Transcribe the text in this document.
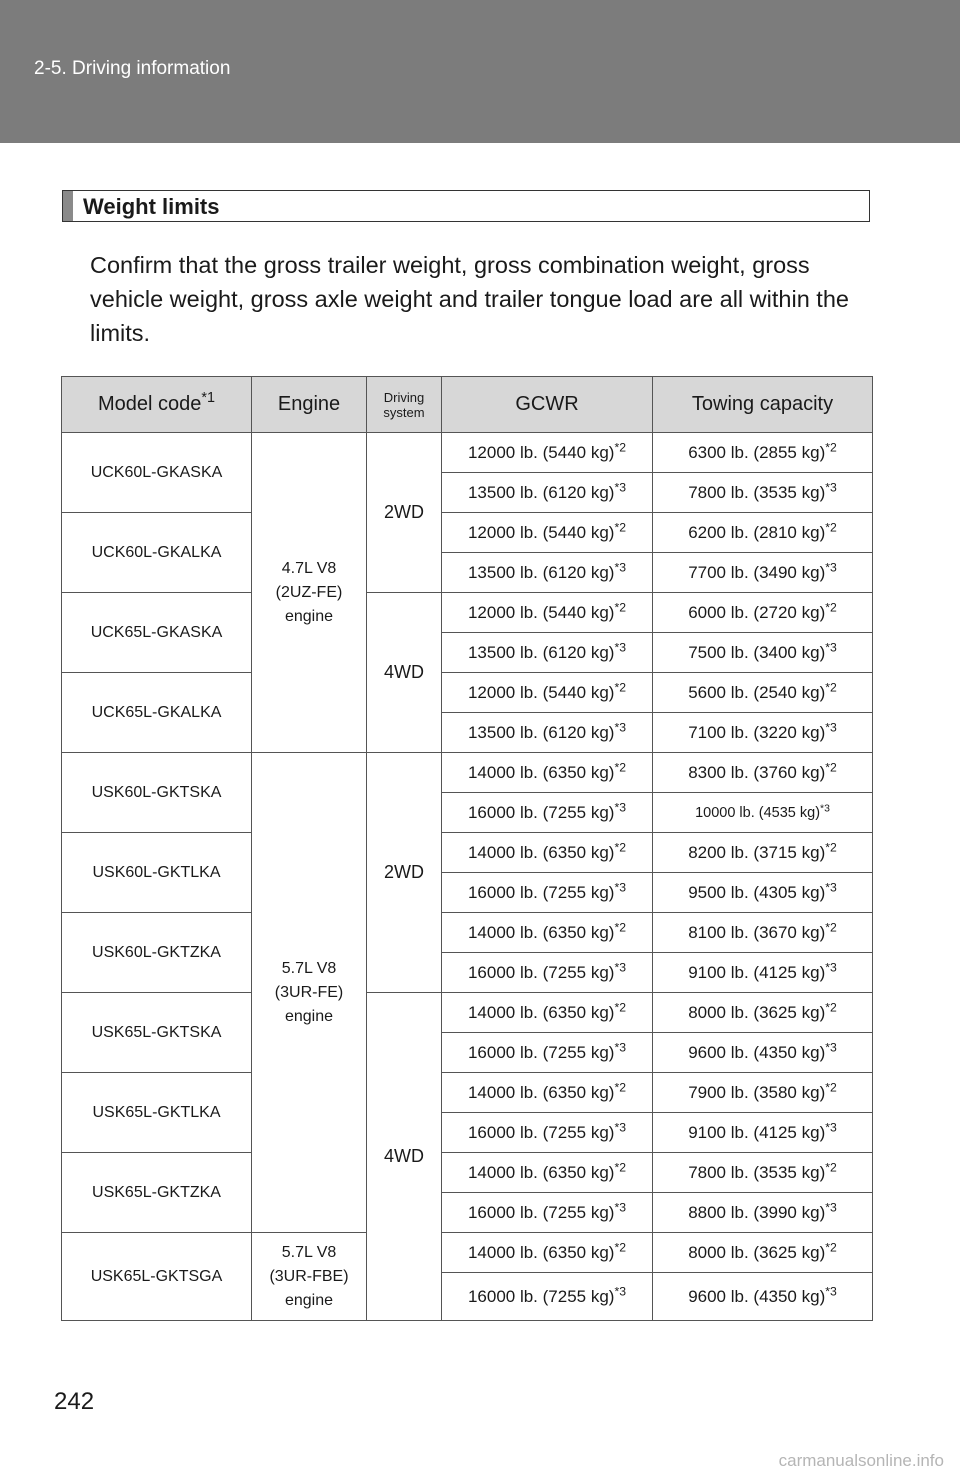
2-5. Driving information
Weight limits
Confirm that the gross trailer weight, gross combination weight, gross vehicle weight, gross axle weight and trailer tongue load are all within the limits.
Model code$^{*1}$	Engine	Driving system	GCWR	Towing capacity
UCK60L-GKASKA	4.7L V8
(2UZ-FE)
engine	2WD	12000 lb. (5440 kg)$^{*2}$	6300 lb. (2855 kg)$^{*2}$
			13500 lb. (6120 kg)$^{*3}$	7800 lb. (3535 kg)$^{*3}$
UCK60L-GKALKA			12000 lb. (5440 kg)$^{*2}$	6200 lb. (2810 kg)$^{*2}$
			13500 lb. (6120 kg)$^{*3}$	7700 lb. (3490 kg)$^{*3}$
UCK65L-GKASKA		4WD	12000 lb. (5440 kg)$^{*2}$	6000 lb. (2720 kg)$^{*2}$
			13500 lb. (6120 kg)$^{*3}$	7500 lb. (3400 kg)$^{*3}$
UCK65L-GKALKA			12000 lb. (5440 kg)$^{*2}$	5600 lb. (2540 kg)$^{*2}$
			13500 lb. (6120 kg)$^{*3}$	7100 lb. (3220 kg)$^{*3}$
USK60L-GKTSKA	5.7L V8
(3UR-FE)
engine	2WD	14000 lb. (6350 kg)$^{*2}$	8300 lb. (3760 kg)$^{*2}$
			16000 lb. (7255 kg)$^{*3}$	10000 lb. (4535 kg)$^{*3}$
USK60L-GKTLKA			14000 lb. (6350 kg)$^{*2}$	8200 lb. (3715 kg)$^{*2}$
			16000 lb. (7255 kg)$^{*3}$	9500 lb. (4305 kg)$^{*3}$
USK60L-GKTZKA			14000 lb. (6350 kg)$^{*2}$	8100 lb. (3670 kg)$^{*2}$
			16000 lb. (7255 kg)$^{*3}$	9100 lb. (4125 kg)$^{*3}$
USK65L-GKTSKA		4WD	14000 lb. (6350 kg)$^{*2}$	8000 lb. (3625 kg)$^{*2}$
			16000 lb. (7255 kg)$^{*3}$	9600 lb. (4350 kg)$^{*3}$
USK65L-GKTLKA			14000 lb. (6350 kg)$^{*2}$	7900 lb. (3580 kg)$^{*2}$
			16000 lb. (7255 kg)$^{*3}$	9100 lb. (4125 kg)$^{*3}$
USK65L-GKTZKA			14000 lb. (6350 kg)$^{*2}$	7800 lb. (3535 kg)$^{*2}$
			16000 lb. (7255 kg)$^{*3}$	8800 lb. (3990 kg)$^{*3}$
USK65L-GKTSGA	5.7L V8
(3UR-FBE)
engine		14000 lb. (6350 kg)$^{*2}$	8000 lb. (3625 kg)$^{*2}$
			16000 lb. (7255 kg)$^{*3}$	9600 lb. (4350 kg)$^{*3}$
242
carmanualsonline.info
